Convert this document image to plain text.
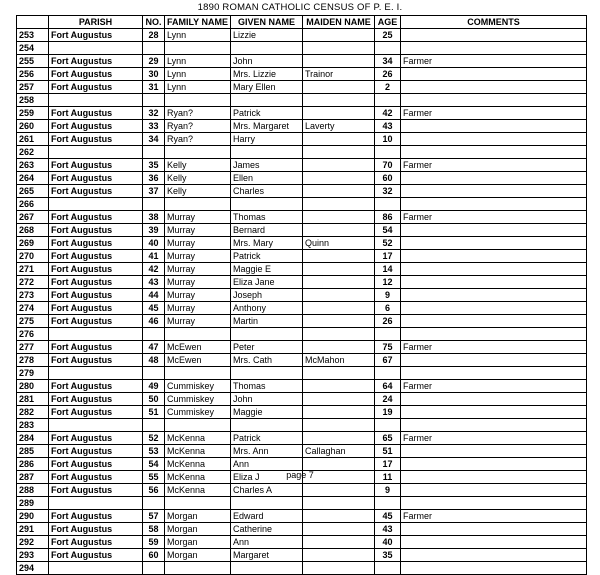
1890 ROMAN CATHOLIC CENSUS OF P. E. I.
	PARISH	NO.	FAMILY NAME	GIVEN NAME	MAIDEN NAME	AGE	COMMENTS
253	Fort Augustus	28	Lynn	Lizzie		25	
254							
255	Fort Augustus	29	Lynn	John		34	Farmer
256	Fort Augustus	30	Lynn	Mrs. Lizzie	Trainor	26	
257	Fort Augustus	31	Lynn	Mary Ellen		2	
258							
259	Fort Augustus	32	Ryan?	Patrick		42	Farmer
260	Fort Augustus	33	Ryan?	Mrs. Margaret	Laverty	43	
261	Fort Augustus	34	Ryan?	Harry		10	
262							
263	Fort Augustus	35	Kelly	James		70	Farmer
264	Fort Augustus	36	Kelly	Ellen		60	
265	Fort Augustus	37	Kelly	Charles		32	
266							
267	Fort Augustus	38	Murray	Thomas		86	Farmer
268	Fort Augustus	39	Murray	Bernard		54	
269	Fort Augustus	40	Murray	Mrs. Mary	Quinn	52	
270	Fort Augustus	41	Murray	Patrick		17	
271	Fort Augustus	42	Murray	Maggie E		14	
272	Fort Augustus	43	Murray	Eliza Jane		12	
273	Fort Augustus	44	Murray	Joseph		9	
274	Fort Augustus	45	Murray	Anthony		6	
275	Fort Augustus	46	Murray	Martin		26	
276							
277	Fort Augustus	47	McEwen	Peter		75	Farmer
278	Fort Augustus	48	McEwen	Mrs. Cath	McMahon	67	
279							
280	Fort Augustus	49	Cummiskey	Thomas		64	Farmer
281	Fort Augustus	50	Cummiskey	John		24	
282	Fort Augustus	51	Cummiskey	Maggie		19	
283							
284	Fort Augustus	52	McKenna	Patrick		65	Farmer
285	Fort Augustus	53	McKenna	Mrs. Ann	Callaghan	51	
286	Fort Augustus	54	McKenna	Ann		17	
287	Fort Augustus	55	McKenna	Eliza J		11	
288	Fort Augustus	56	McKenna	Charles A		9	
289							
290	Fort Augustus	57	Morgan	Edward		45	Farmer
291	Fort Augustus	58	Morgan	Catherine		43	
292	Fort Augustus	59	Morgan	Ann		40	
293	Fort Augustus	60	Morgan	Margaret		35	
294							
page 7
